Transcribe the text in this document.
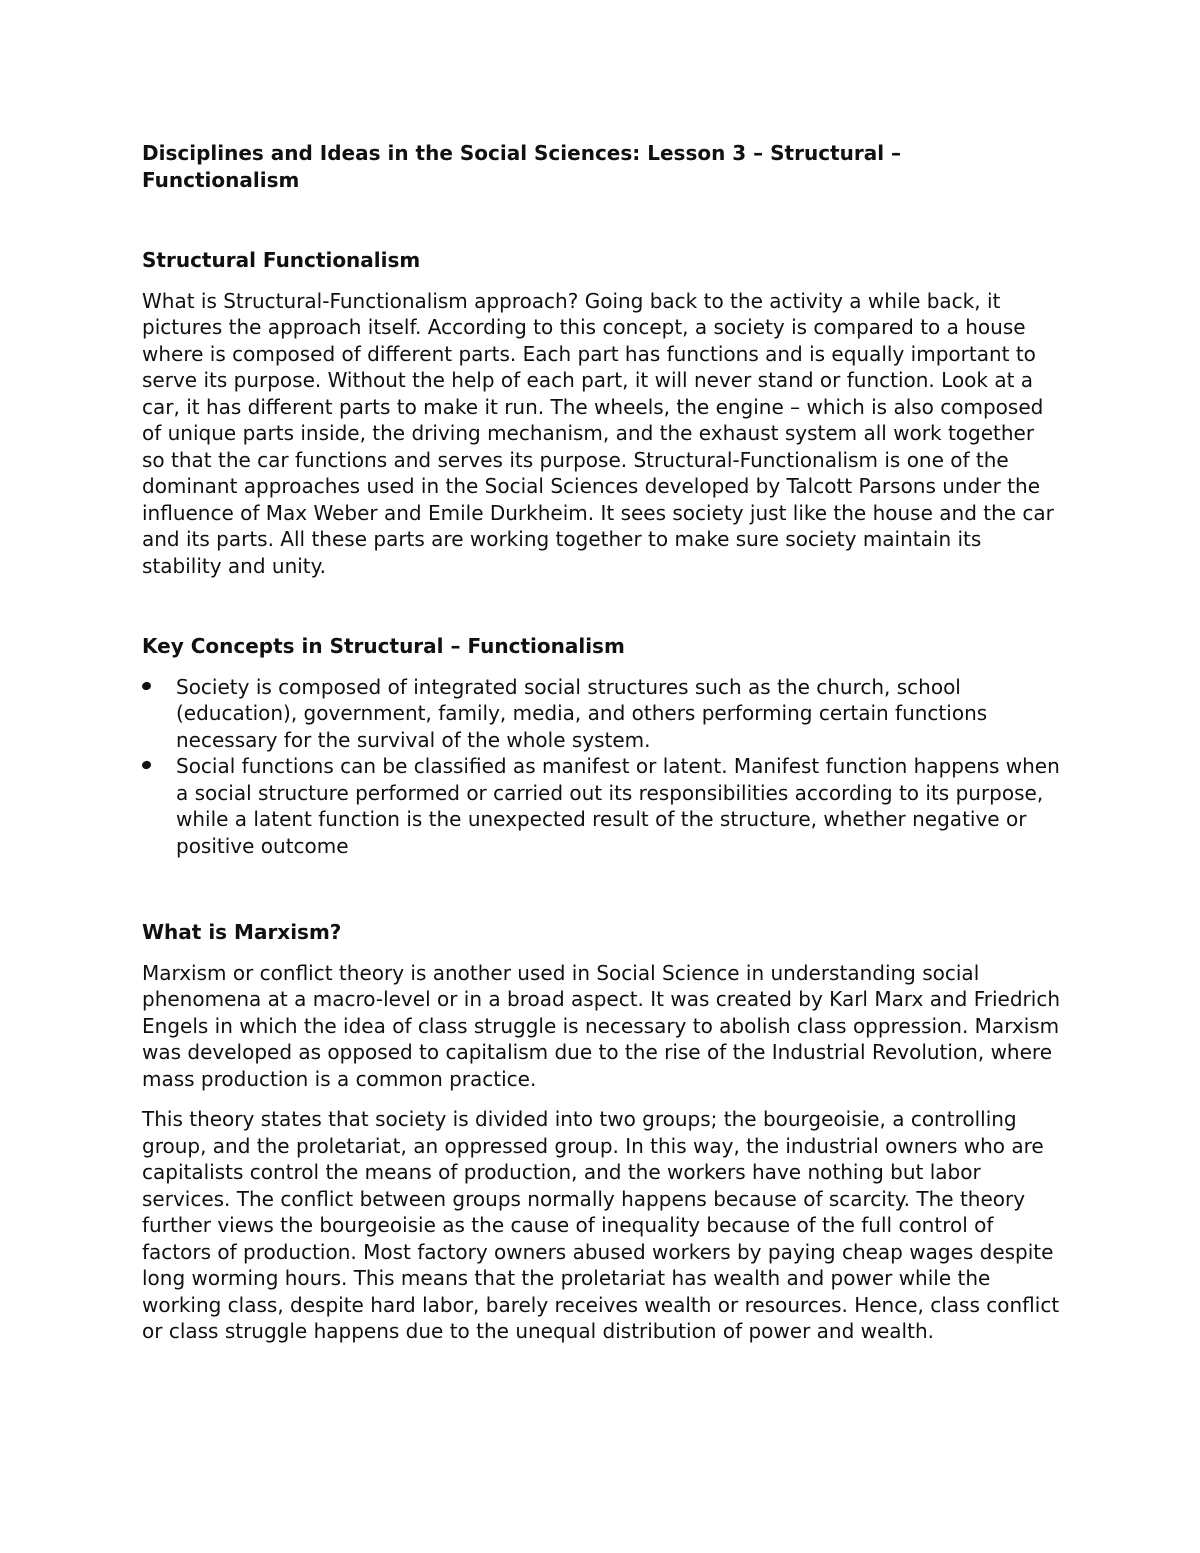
Disciplines and Ideas in the Social Sciences: Lesson 3 – Structural – Functionalism
Structural Functionalism

What is Structural-Functionalism approach? Going back to the activity a while back, it pictures the approach itself. According to this concept, a society is compared to a house where is composed of different parts. Each part has functions and is equally important to serve its purpose. Without the help of each part, it will never stand or function. Look at a car, it has different parts to make it run. The wheels, the engine – which is also composed of unique parts inside, the driving mechanism, and the exhaust system all work together so that the car functions and serves its purpose. Structural-Functionalism is one of the dominant approaches used in the Social Sciences developed by Talcott Parsons under the influence of Max Weber and Emile Durkheim. It sees society just like the house and the car and its parts. All these parts are working together to make sure society maintain its stability and unity.

Key Concepts in Structural – Functionalism
Society is composed of integrated social structures such as the church, school (education), government, family, media, and others performing certain functions necessary for the survival of the whole system.
Social functions can be classified as manifest or latent. Manifest function happens when a social structure performed or carried out its responsibilities according to its purpose, while a latent function is the unexpected result of the structure, whether negative or positive outcome
What is Marxism?

Marxism or conflict theory is another used in Social Science in understanding social phenomena at a macro-level or in a broad aspect. It was created by Karl Marx and Friedrich Engels in which the idea of class struggle is necessary to abolish class oppression. Marxism was developed as opposed to capitalism due to the rise of the Industrial Revolution, where mass production is a common practice.

This theory states that society is divided into two groups; the bourgeoisie, a controlling group, and the proletariat, an oppressed group. In this way, the industrial owners who are capitalists control the means of production, and the workers have nothing but labor services. The conflict between groups normally happens because of scarcity. The theory further views the bourgeoisie as the cause of inequality because of the full control of factors of production. Most factory owners abused workers by paying cheap wages despite long worming hours. This means that the proletariat has wealth and power while the working class, despite hard labor, barely receives wealth or resources. Hence, class conflict or class struggle happens due to the unequal distribution of power and wealth.
